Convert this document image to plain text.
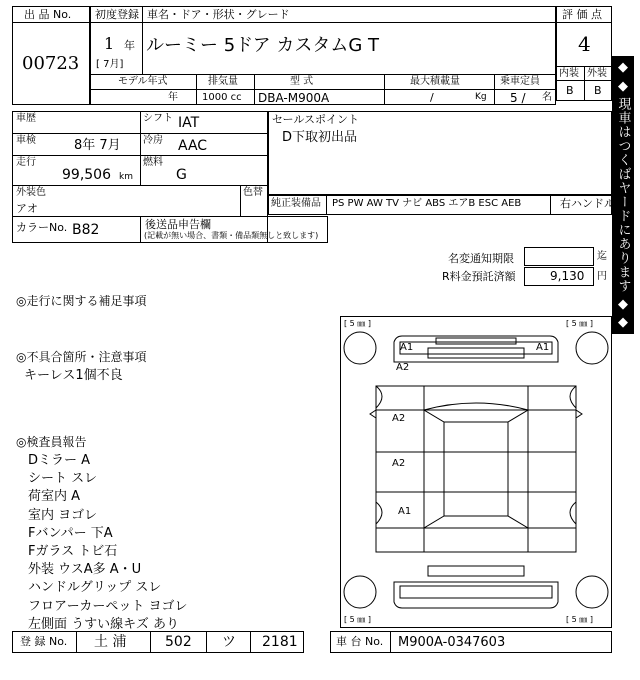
出 品 No.
00723
初度登録 車名・ドア・形状・グレード
1 年
[ 7月]
ルーミー 5ドア カスタムG T
モデル年式	排気量	型 式	最大積載量	乗車定員
年 1000 cc DBA-M900A	/	Kg 5 / 名
評 価 点
4
内装 外装
B B
◆
◆
現車はつくばヤードにあります
◆
◆
車歴	シフト IAT
車検	8年 7月 冷房 AAC
走行
99,506 km
燃料
G
外装色
アオ
色替
カラーNo. B82	後送品申告欄
(記載が無い場合、書類・備品類無しと致します)
セールスポイント
D下取初出品
純正装備品 PS PW AW TV ナビ ABS エアB ESC AEB	右ハンドル
名変通知期限	迄
R料金預託済額	9,130 円
◎走行に関する補足事項
◎不具合箇所・注意事項
キーレス1個不良
◎検査員報告
Dミラー A
シート スレ
荷室内 A
室内 ヨゴレ
Fバンパー 下A
Fガラス トビ石
外装 ウスA多 A・U
ハンドルグリップ スレ
フロアーカーペット ヨゴレ
左側面 うすい線キズ あり
[ 5 ㎜ ]	[ 5 ㎜ ]
[ 5 ㎜ ]	[ 5 ㎜ ]
A1	A1
A2
A2
A2
A1
登 録 No. 土 浦	502 ツ 2181	車 台 No. M900A-0347603
